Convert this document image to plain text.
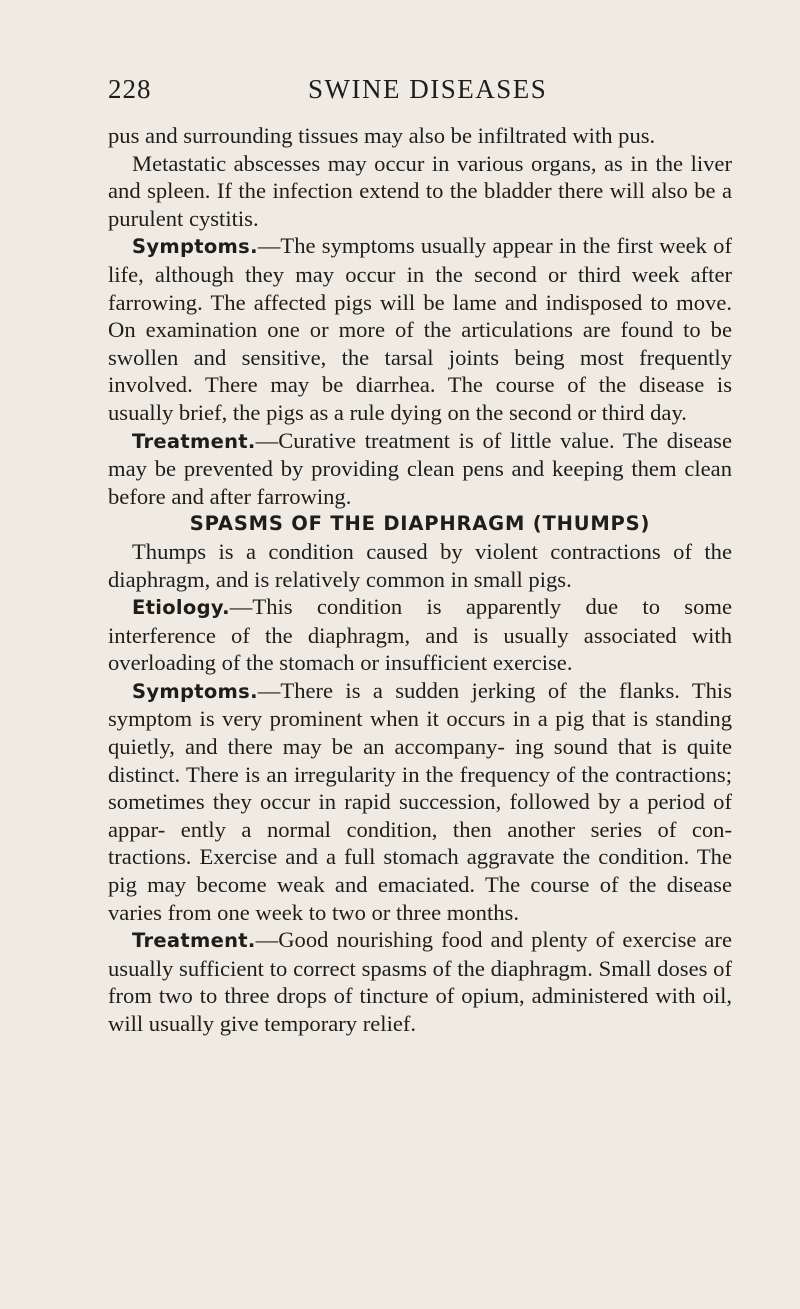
228	SWINE DISEASES

pus and surrounding tissues may also be infiltrated with pus.

Metastatic abscesses may occur in various organs, as in the liver and spleen. If the infection extend to the bladder there will also be a purulent cystitis.

Symptoms.—The symptoms usually appear in the first week of life, although they may occur in the second or third week after farrowing. The affected pigs will be lame and indisposed to move. On examination one or more of the articulations are found to be swollen and sensitive, the tarsal joints being most frequently involved. There may be diarrhea. The course of the disease is usually brief, the pigs as a rule dying on the second or third day.

Treatment.—Curative treatment is of little value. The disease may be prevented by providing clean pens and keeping them clean before and after farrowing.

SPASMS OF THE DIAPHRAGM (THUMPS)

Thumps is a condition caused by violent contractions of the diaphragm, and is relatively common in small pigs.

Etiology.—This condition is apparently due to some interference of the diaphragm, and is usually associated with overloading of the stomach or insufficient exercise.

Symptoms.—There is a sudden jerking of the flanks. This symptom is very prominent when it occurs in a pig that is standing quietly, and there may be an accompany- ing sound that is quite distinct. There is an irregularity in the frequency of the contractions; sometimes they occur in rapid succession, followed by a period of appar- ently a normal condition, then another series of con- tractions. Exercise and a full stomach aggravate the condition. The pig may become weak and emaciated. The course of the disease varies from one week to two or three months.

Treatment.—Good nourishing food and plenty of exercise are usually sufficient to correct spasms of the diaphragm. Small doses of from two to three drops of tincture of opium, administered with oil, will usually give temporary relief.
